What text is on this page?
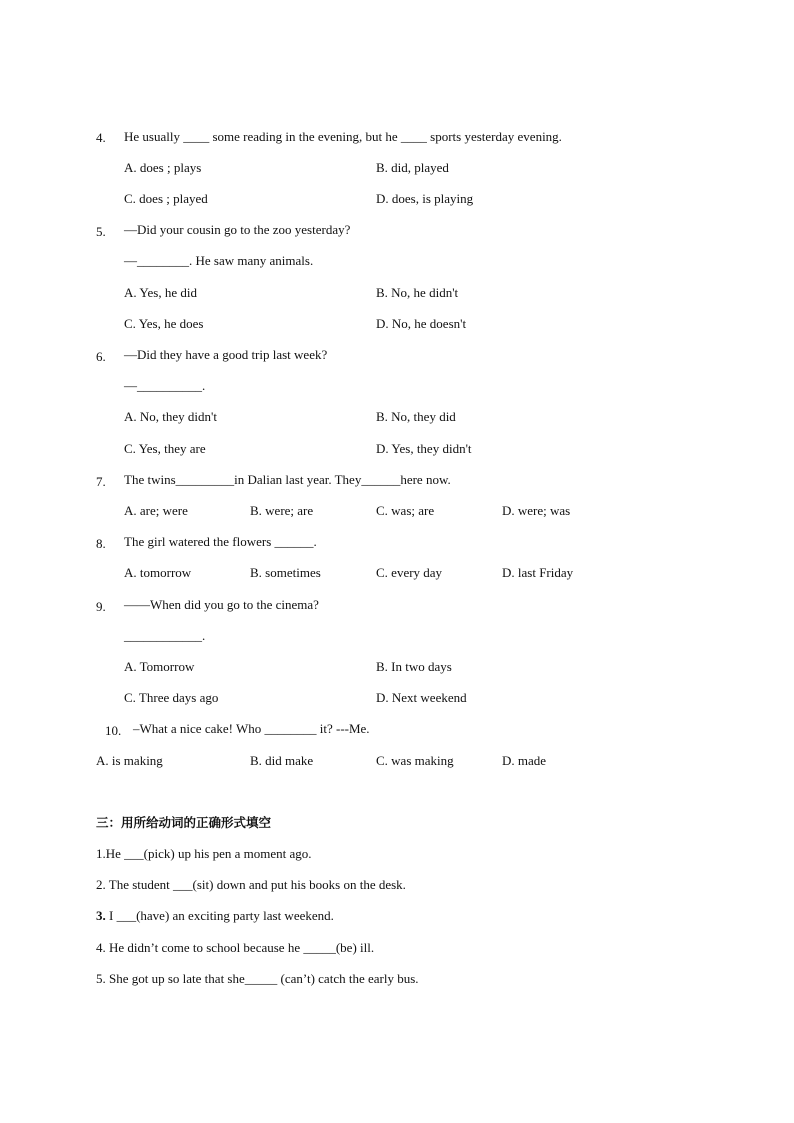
4. He usually ____ some reading in the evening, but he ____ sports yesterday evening.
A. does ; plays	B. did, played
C. does ; played	D. does, is playing
5. —Did your cousin go to the zoo yesterday?
—________. He saw many animals.
A. Yes, he did	B. No, he didn't
C. Yes, he does	D. No, he doesn't
6. —Did they have a good trip last week?
—__________.
A. No, they didn't	B. No, they did
C. Yes, they are	D. Yes, they didn't
7. The twins_________in Dalian last year. They______here now.
A. are; were	B. were; are	C. was; are	D. were; was
8. The girl watered the flowers ______.
A. tomorrow	B. sometimes	C. every day	D. last Friday
9. ——When did you go to the cinema?
____________.
A. Tomorrow	B. In two days
C. Three days ago	D. Next weekend
10. –What a nice cake! Who ________ it? ---Me.
A. is making	B. did make	C. was making	D. made
三：用所给动词的正确形式填空
1.He ___(pick) up his pen a moment ago.
2. The student ___(sit) down and put his books on the desk.
3. I ___(have) an exciting party last weekend.
4. He didn’t come to school because he _____(be) ill.
5. She got up so late that she_____ (can’t) catch the early bus.
